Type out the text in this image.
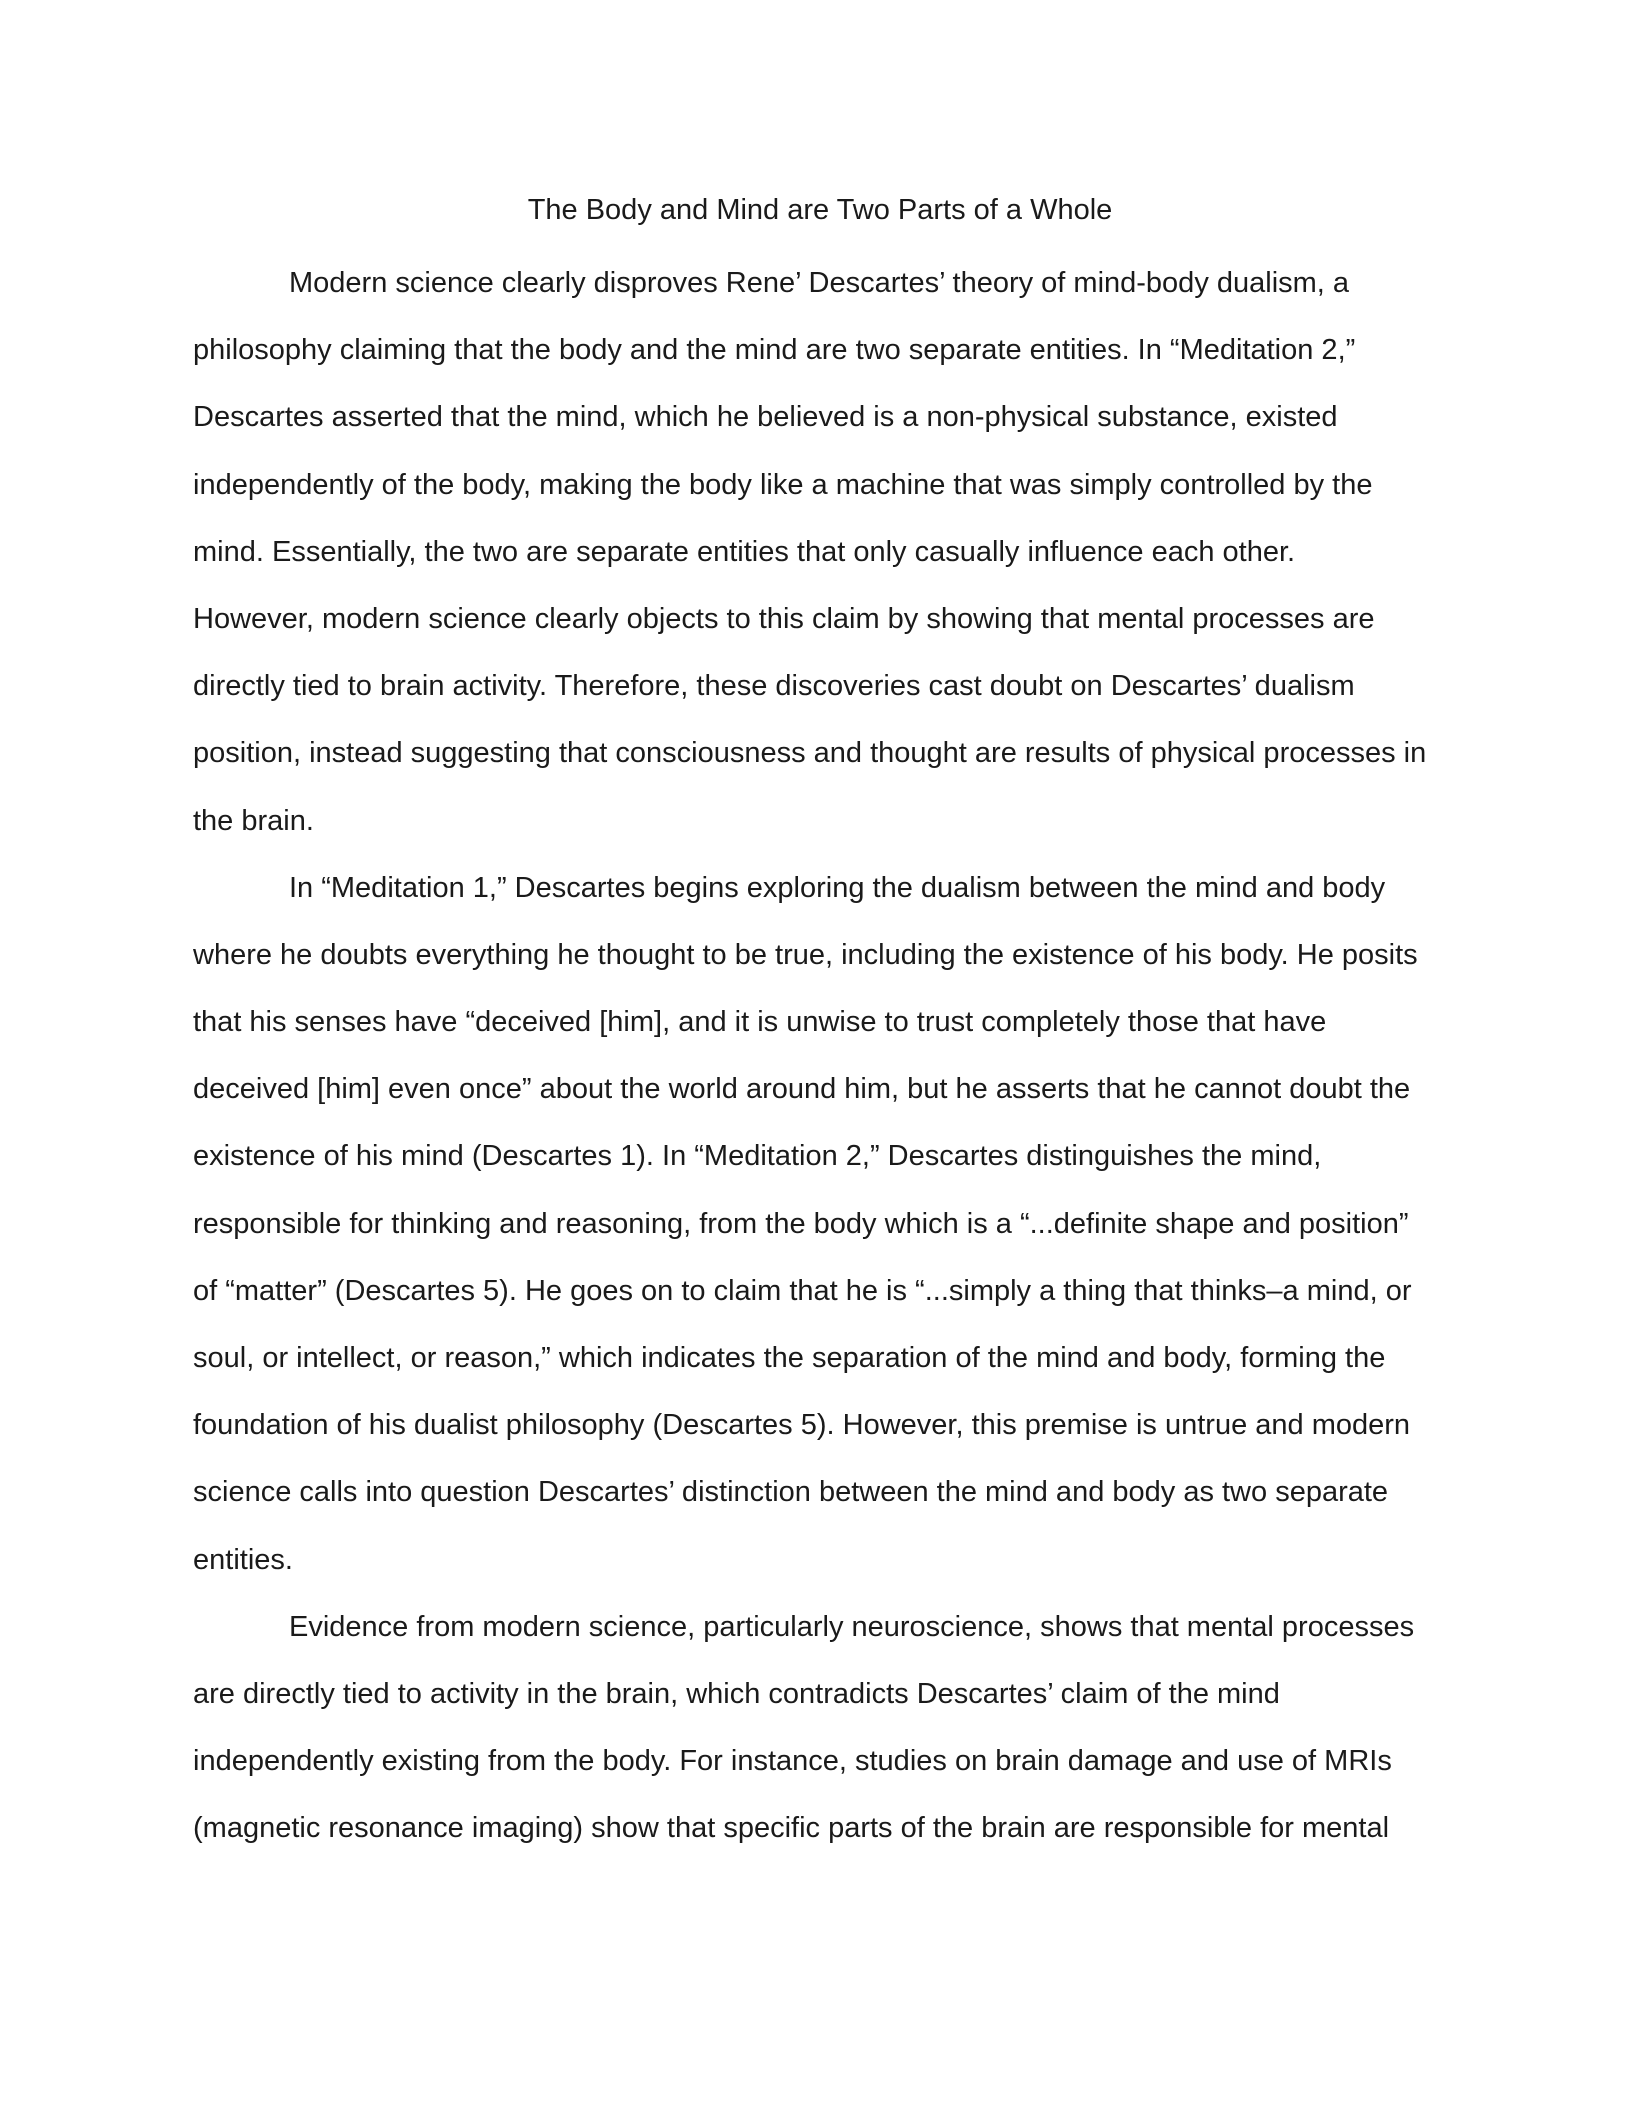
The Body and Mind are Two Parts of a Whole
Modern science clearly disproves Rene’ Descartes’ theory of mind-body dualism, a
philosophy claiming that the body and the mind are two separate entities. In “Meditation 2,”
Descartes asserted that the mind, which he believed is a non-physical substance, existed
independently of the body, making the body like a machine that was simply controlled by the
mind. Essentially, the two are separate entities that only casually influence each other.
However, modern science clearly objects to this claim by showing that mental processes are
directly tied to brain activity. Therefore, these discoveries cast doubt on Descartes’ dualism
position, instead suggesting that consciousness and thought are results of physical processes in
the brain.
In “Meditation 1,” Descartes begins exploring the dualism between the mind and body
where he doubts everything he thought to be true, including the existence of his body. He posits
that his senses have “deceived [him], and it is unwise to trust completely those that have
deceived [him] even once” about the world around him, but he asserts that he cannot doubt the
existence of his mind (Descartes 1). In “Meditation 2,” Descartes distinguishes the mind,
responsible for thinking and reasoning, from the body which is a “...definite shape and position”
of “matter” (Descartes 5). He goes on to claim that he is “...simply a thing that thinks–a mind, or
soul, or intellect, or reason,” which indicates the separation of the mind and body, forming the
foundation of his dualist philosophy (Descartes 5). However, this premise is untrue and modern
science calls into question Descartes’ distinction between the mind and body as two separate
entities.
Evidence from modern science, particularly neuroscience, shows that mental processes
are directly tied to activity in the brain, which contradicts Descartes’ claim of the mind
independently existing from the body. For instance, studies on brain damage and use of MRIs
(magnetic resonance imaging) show that specific parts of the brain are responsible for mental
